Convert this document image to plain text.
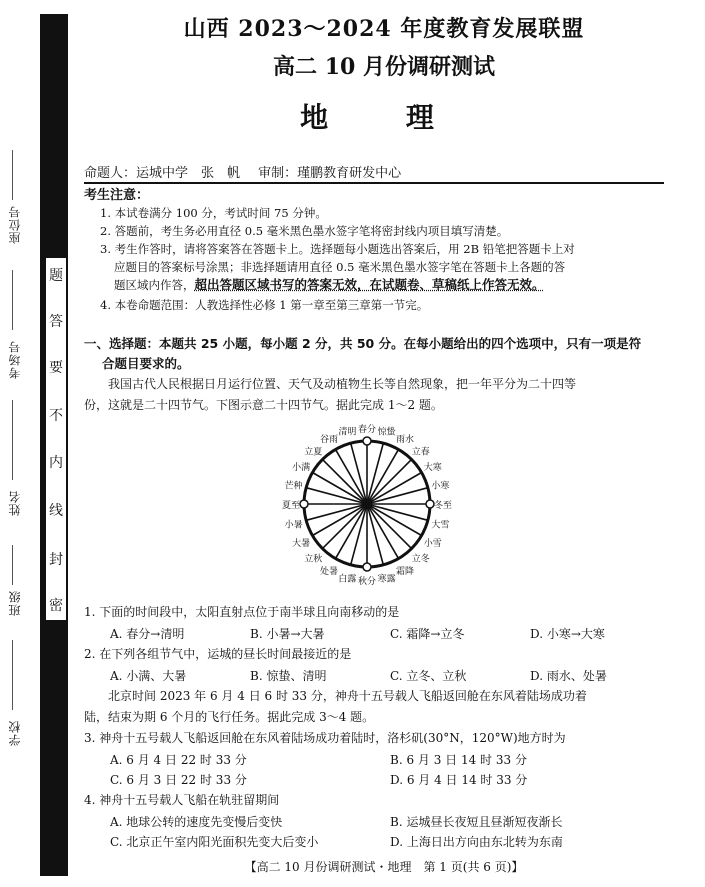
座位号
考场号
姓名
班级
学校
密
封
线
内
不
要
答
题
山西 2023～2024 年度教育发展联盟
高二 10 月份调研测试
地 理
命题人：运城中学　张　帆 审制：瑾鹏教育研发中心
考生注意：
1. 本试卷满分 100 分，考试时间 75 分钟。
2. 答题前，考生务必用直径 0.5 毫米黑色墨水签字笔将密封线内项目填写清楚。
3. 考生作答时，请将答案答在答题卡上。选择题每小题选出答案后，用 2B 铅笔把答题卡上对
应题目的答案标号涂黑；非选择题请用直径 0.5 毫米黑色墨水签字笔在答题卡上各题的答
题区域内作答，超出答题区域书写的答案无效，在试题卷、草稿纸上作答无效。
4. 本卷命题范围：人教选择性必修 1 第一章至第三章第一节完。
一、选择题：本题共 25 小题，每小题 2 分，共 50 分。在每小题给出的四个选项中，只有一项是符
合题目要求的。
我国古代人民根据日月运行位置、天气及动植物生长等自然现象，把一年平分为二十四等
份，这就是二十四节气。下图示意二十四节气。据此完成 1～2 题。
春分 惊蛰
雨水
立春
大寒
小寒
冬至
大雪
小雪
立冬
霜降
寒露
秋分
白露
处暑
立秋
大暑
小暑
夏至
芒种
小满
立夏
谷雨
清明
1. 下面的时间段中，太阳直射点位于南半球且向南移动的是
A. 春分→清明	B. 小暑→大暑	C. 霜降→立冬	D. 小寒→大寒
2. 在下列各组节气中，运城的昼长时间最接近的是
A. 小满、大暑	B. 惊蛰、清明	C. 立冬、立秋	D. 雨水、处暑
北京时间 2023 年 6 月 4 日 6 时 33 分，神舟十五号载人飞船返回舱在东风着陆场成功着
陆，结束为期 6 个月的飞行任务。据此完成 3～4 题。
3. 神舟十五号载人飞船返回舱在东风着陆场成功着陆时，洛杉矶(30°N，120°W)地方时为
A. 6 月 4 日 22 时 33 分	B. 6 月 3 日 14 时 33 分
C. 6 月 3 日 22 时 33 分	D. 6 月 4 日 14 时 33 分
4. 神舟十五号载人飞船在轨驻留期间
A. 地球公转的速度先变慢后变快	B. 运城昼长夜短且昼渐短夜渐长
C. 北京正午室内阳光面积先变大后变小	D. 上海日出方向由东北转为东南
【高二 10 月份调研测试・地理　第 1 页(共 6 页)】
